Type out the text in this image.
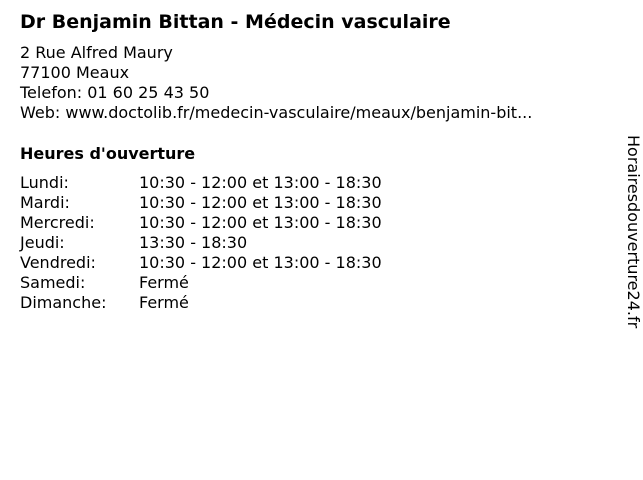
Dr Benjamin Bittan - Médecin vasculaire
2 Rue Alfred Maury
77100 Meaux
Telefon: 01 60 25 43 50
Web: www.doctolib.fr/medecin-vasculaire/meaux/benjamin-bit...
Heures d'ouverture
Lundi:	10:30 - 12:00 et 13:00 - 18:30
Mardi:	10:30 - 12:00 et 13:00 - 18:30
Mercredi:	10:30 - 12:00 et 13:00 - 18:30
Jeudi:	13:30 - 18:30
Vendredi:	10:30 - 12:00 et 13:00 - 18:30
Samedi:	Fermé
Dimanche: Fermé	Horairesdouverture24.fr
